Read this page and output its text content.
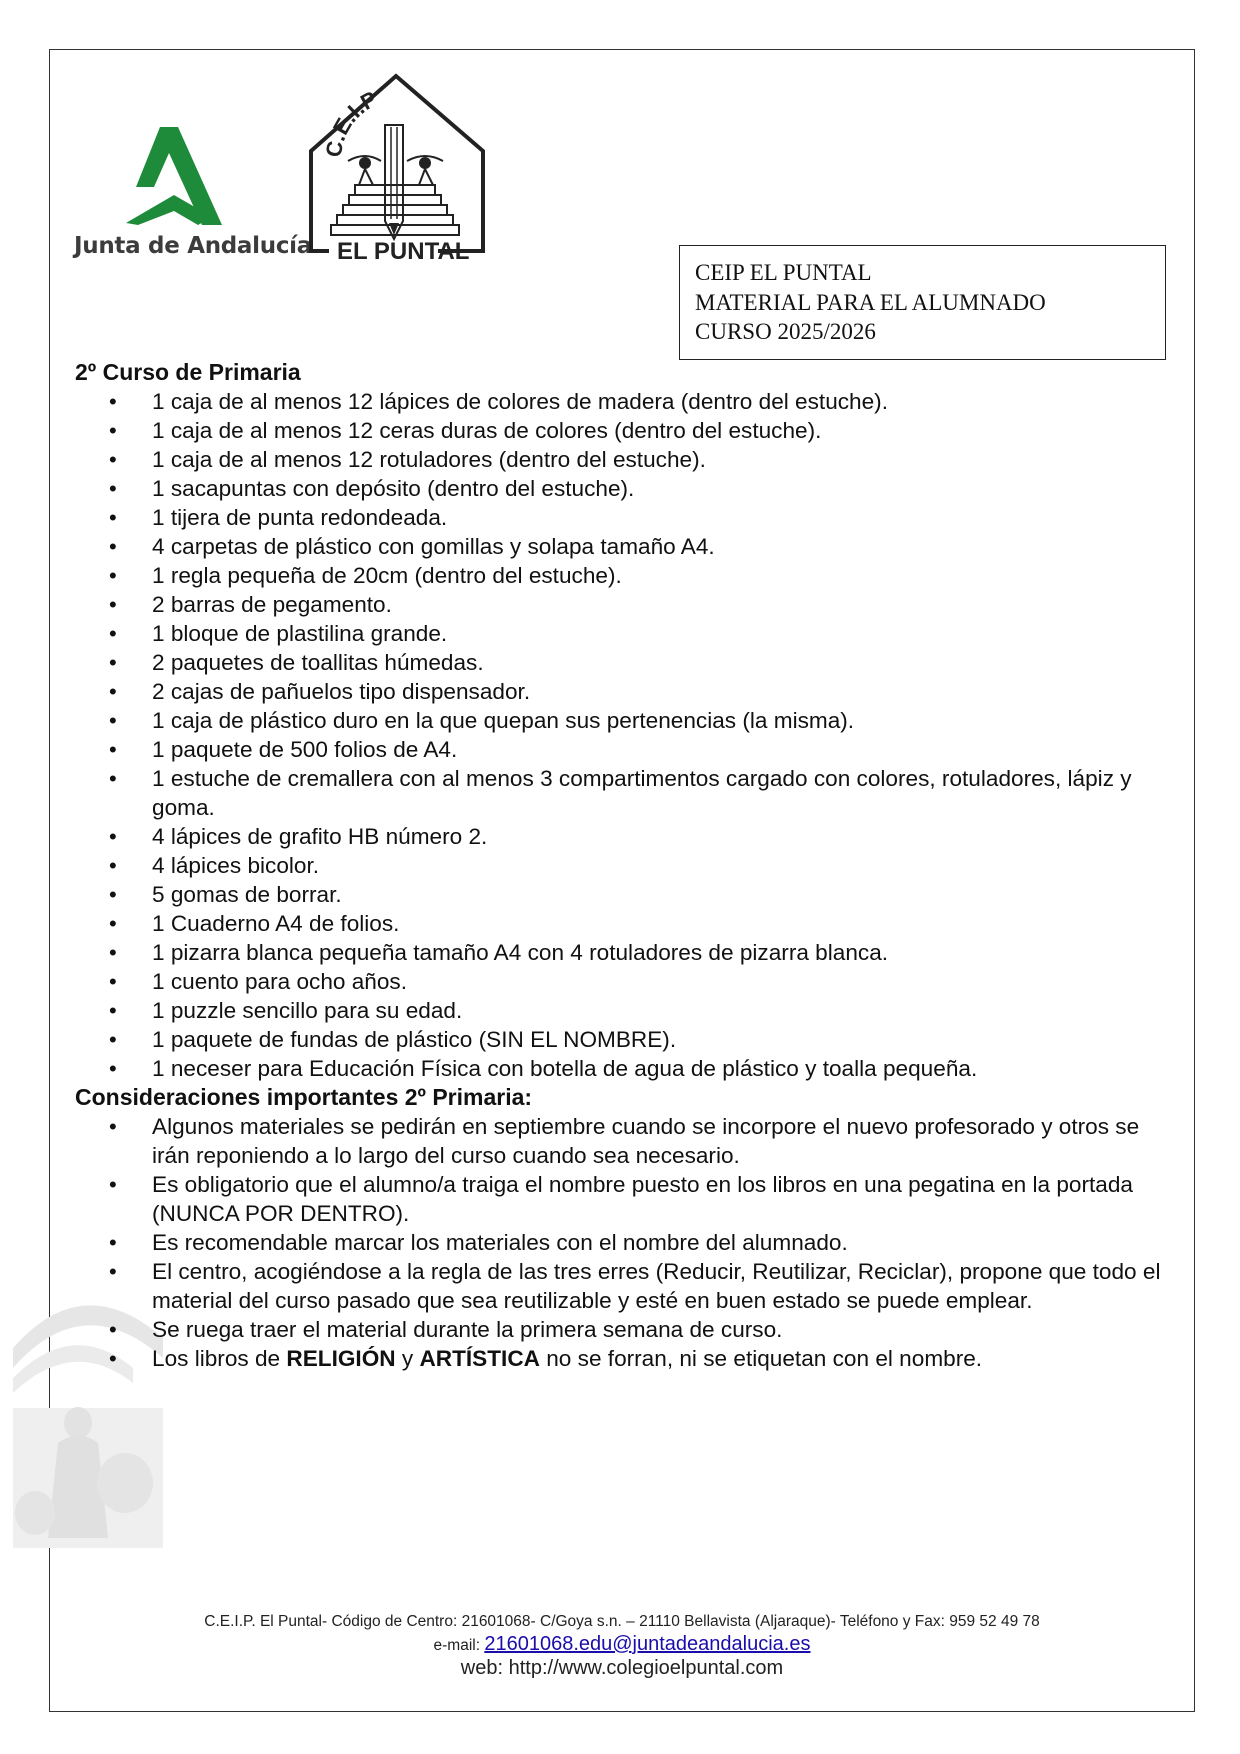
Junta de Andalucía
C.E.I.P
EL PUNTAL
CEIP EL PUNTAL
MATERIAL PARA EL ALUMNADO
CURSO 2025/2026
2º Curso de Primaria
• 1 caja de al menos 12 lápices de colores de madera (dentro del estuche).
• 1 caja de al menos 12 ceras duras de colores (dentro del estuche).
• 1 caja de al menos 12 rotuladores (dentro del estuche).
• 1 sacapuntas con depósito (dentro del estuche).
• 1 tijera de punta redondeada.
• 4 carpetas de plástico con gomillas y solapa tamaño A4.
• 1 regla pequeña de 20cm (dentro del estuche).
• 2 barras de pegamento.
• 1 bloque de plastilina grande.
• 2 paquetes de toallitas húmedas.
• 2 cajas de pañuelos tipo dispensador.
• 1 caja de plástico duro en la que quepan sus pertenencias (la misma).
• 1 paquete de 500 folios de A4.
• 1 estuche de cremallera con al menos 3 compartimentos cargado con colores, rotuladores, lápiz y goma.
• 4 lápices de grafito HB número 2.
• 4 lápices bicolor.
• 5 gomas de borrar.
• 1 Cuaderno A4 de folios.
• 1 pizarra blanca pequeña tamaño A4 con 4 rotuladores de pizarra blanca.
• 1 cuento para ocho años.
• 1 puzzle sencillo para su edad.
• 1 paquete de fundas de plástico (SIN EL NOMBRE).
• 1 neceser para Educación Física con botella de agua de plástico y toalla pequeña.
Consideraciones importantes 2º Primaria:
• Algunos materiales se pedirán en septiembre cuando se incorpore el nuevo profesorado y otros se irán reponiendo a lo largo del curso cuando sea necesario.
• Es obligatorio que el alumno/a traiga el nombre puesto en los libros en una pegatina en la portada (NUNCA POR DENTRO).
• Es recomendable marcar los materiales con el nombre del alumnado.
• El centro, acogiéndose a la regla de las tres erres (Reducir, Reutilizar, Reciclar), propone que todo el material del curso pasado que sea reutilizable y esté en buen estado se puede emplear.
• Se ruega traer el material durante la primera semana de curso.
• Los libros de RELIGIÓN y ARTÍSTICA no se forran, ni se etiquetan con el nombre.
C.E.I.P. El Puntal- Código de Centro: 21601068- C/Goya s.n. – 21110 Bellavista (Aljaraque)- Teléfono y Fax: 959 52 49 78
e-mail: 21601068.edu@juntadeandalucia.es
web: http://www.colegioelpuntal.com
